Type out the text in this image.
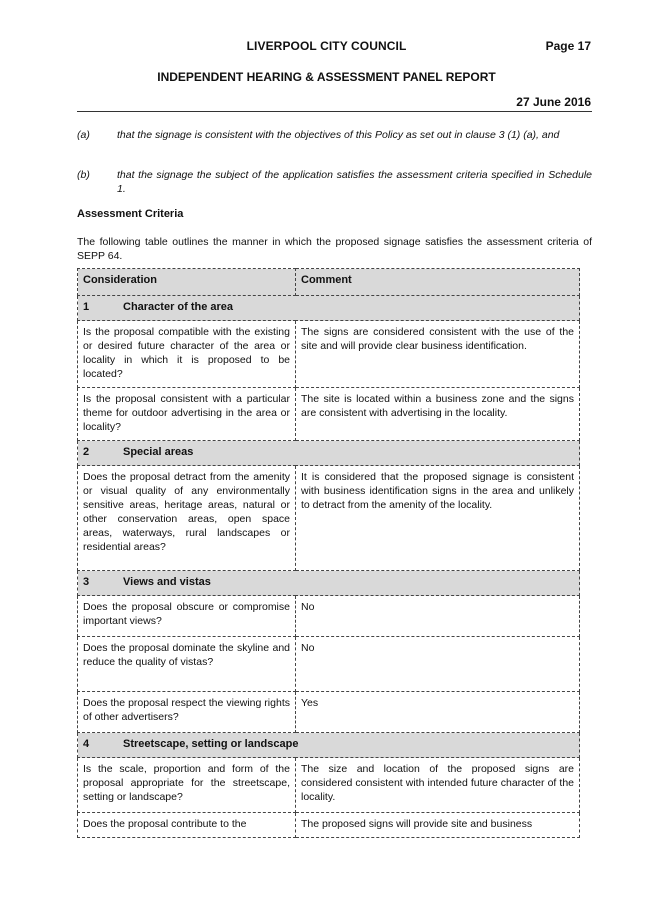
LIVERPOOL CITY COUNCIL	Page 17
INDEPENDENT HEARING & ASSESSMENT PANEL REPORT
27 June 2016
(a)	that the signage is consistent with the objectives of this Policy as set out in clause 3 (1) (a), and
(b)	that the signage the subject of the application satisfies the assessment criteria specified in Schedule 1.
Assessment Criteria
The following table outlines the manner in which the proposed signage satisfies the assessment criteria of SEPP 64.
Consideration	Comment
1 Character of the area	
Is the proposal compatible with the existing or desired future character of the area or locality in which it is proposed to be located?	The signs are considered consistent with the use of the site and will provide clear business identification.
Is the proposal consistent with a particular theme for outdoor advertising in the area or locality?	The site is located within a business zone and the signs are consistent with advertising in the locality.
2 Special areas	
Does the proposal detract from the amenity or visual quality of any environmentally sensitive areas, heritage areas, natural or other conservation areas, open space areas, waterways, rural landscapes or residential areas?	It is considered that the proposed signage is consistent with business identification signs in the area and unlikely to detract from the amenity of the locality.
3 Views and vistas	
Does the proposal obscure or compromise important views?	No
Does the proposal dominate the skyline and reduce the quality of vistas?	No
Does the proposal respect the viewing rights of other advertisers?	Yes
4 Streetscape, setting or landscape	
Is the scale, proportion and form of the proposal appropriate for the streetscape, setting or landscape?	The size and location of the proposed signs are considered consistent with intended future character of the locality.
Does the proposal contribute to the	The proposed signs will provide site and business
